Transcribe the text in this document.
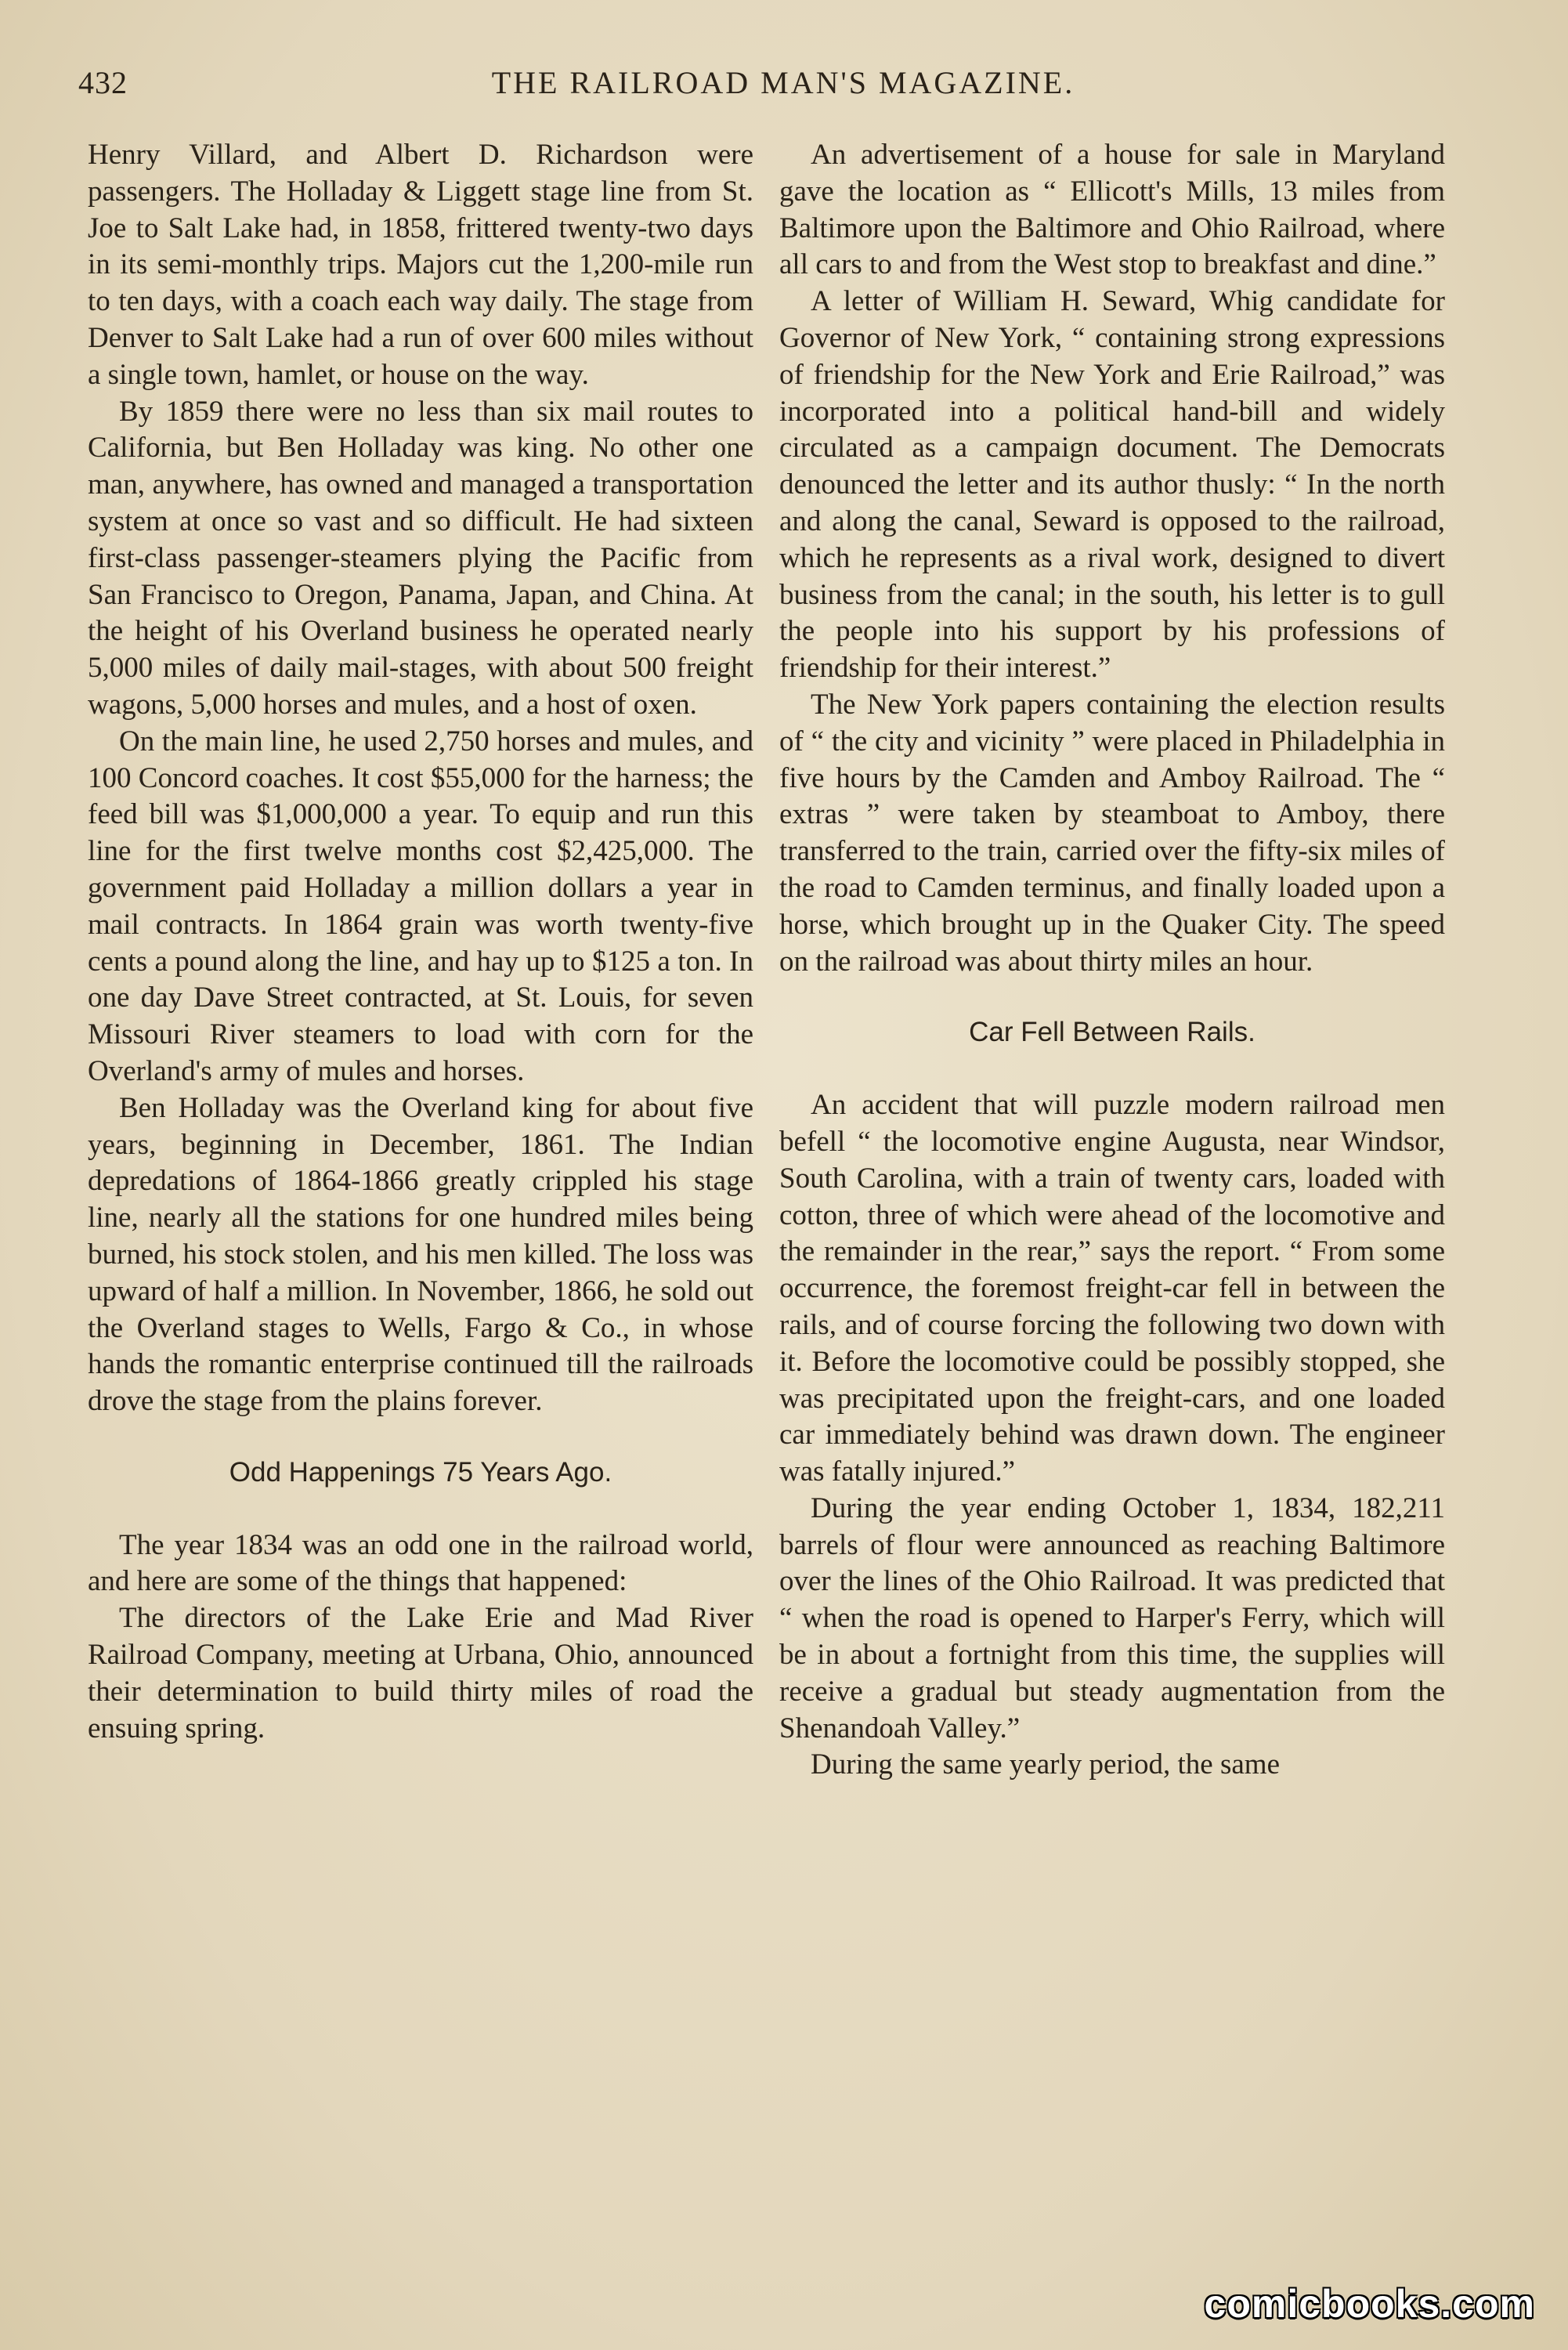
432	THE RAILROAD MAN'S MAGAZINE.

Henry Villard, and Albert D. Richardson were passengers. The Holladay & Liggett stage line from St. Joe to Salt Lake had, in 1858, frittered twenty-two days in its semi-monthly trips. Majors cut the 1,200-mile run to ten days, with a coach each way daily. The stage from Denver to Salt Lake had a run of over 600 miles without a single town, hamlet, or house on the way.

By 1859 there were no less than six mail routes to California, but Ben Holladay was king. No other one man, anywhere, has owned and managed a transportation system at once so vast and so difficult. He had sixteen first-class passenger-steamers plying the Pacific from San Francisco to Oregon, Panama, Japan, and China. At the height of his Overland business he operated nearly 5,000 miles of daily mail-stages, with about 500 freight wagons, 5,000 horses and mules, and a host of oxen.

On the main line, he used 2,750 horses and mules, and 100 Concord coaches. It cost $55,000 for the harness; the feed bill was $1,000,000 a year. To equip and run this line for the first twelve months cost $2,425,000. The government paid Holladay a million dollars a year in mail contracts. In 1864 grain was worth twenty-five cents a pound along the line, and hay up to $125 a ton. In one day Dave Street contracted, at St. Louis, for seven Missouri River steamers to load with corn for the Overland's army of mules and horses.

Ben Holladay was the Overland king for about five years, beginning in December, 1861. The Indian depredations of 1864-1866 greatly crippled his stage line, nearly all the stations for one hundred miles being burned, his stock stolen, and his men killed. The loss was upward of half a million. In November, 1866, he sold out the Overland stages to Wells, Fargo & Co., in whose hands the romantic enterprise continued till the railroads drove the stage from the plains forever.

Odd Happenings 75 Years Ago.

The year 1834 was an odd one in the railroad world, and here are some of the things that happened:

The directors of the Lake Erie and Mad River Railroad Company, meeting at Urbana, Ohio, announced their determination to build thirty miles of road the ensuing spring.

An advertisement of a house for sale in Maryland gave the location as “ Ellicott's Mills, 13 miles from Baltimore upon the Baltimore and Ohio Railroad, where all cars to and from the West stop to breakfast and dine.”

A letter of William H. Seward, Whig candidate for Governor of New York, “ containing strong expressions of friendship for the New York and Erie Railroad,” was incorporated into a political hand-bill and widely circulated as a campaign document. The Democrats denounced the letter and its author thusly: “ In the north and along the canal, Seward is opposed to the railroad, which he represents as a rival work, designed to divert business from the canal; in the south, his letter is to gull the people into his support by his professions of friendship for their interest.”

The New York papers containing the election results of “ the city and vicinity ” were placed in Philadelphia in five hours by the Camden and Amboy Railroad. The “ extras ” were taken by steamboat to Amboy, there transferred to the train, carried over the fifty-six miles of the road to Camden terminus, and finally loaded upon a horse, which brought up in the Quaker City. The speed on the railroad was about thirty miles an hour.

Car Fell Between Rails.

An accident that will puzzle modern railroad men befell “ the locomotive engine Augusta, near Windsor, South Carolina, with a train of twenty cars, loaded with cotton, three of which were ahead of the locomotive and the remainder in the rear,” says the report. “ From some occurrence, the foremost freight-car fell in between the rails, and of course forcing the following two down with it. Before the locomotive could be possibly stopped, she was precipitated upon the freight-cars, and one loaded car immediately behind was drawn down. The engineer was fatally injured.”

During the year ending October 1, 1834, 182,211 barrels of flour were announced as reaching Baltimore over the lines of the Ohio Railroad. It was predicted that “ when the road is opened to Harper's Ferry, which will be in about a fortnight from this time, the supplies will receive a gradual but steady augmentation from the Shenandoah Valley.”

During the same yearly period, the same

comicbooks.com
